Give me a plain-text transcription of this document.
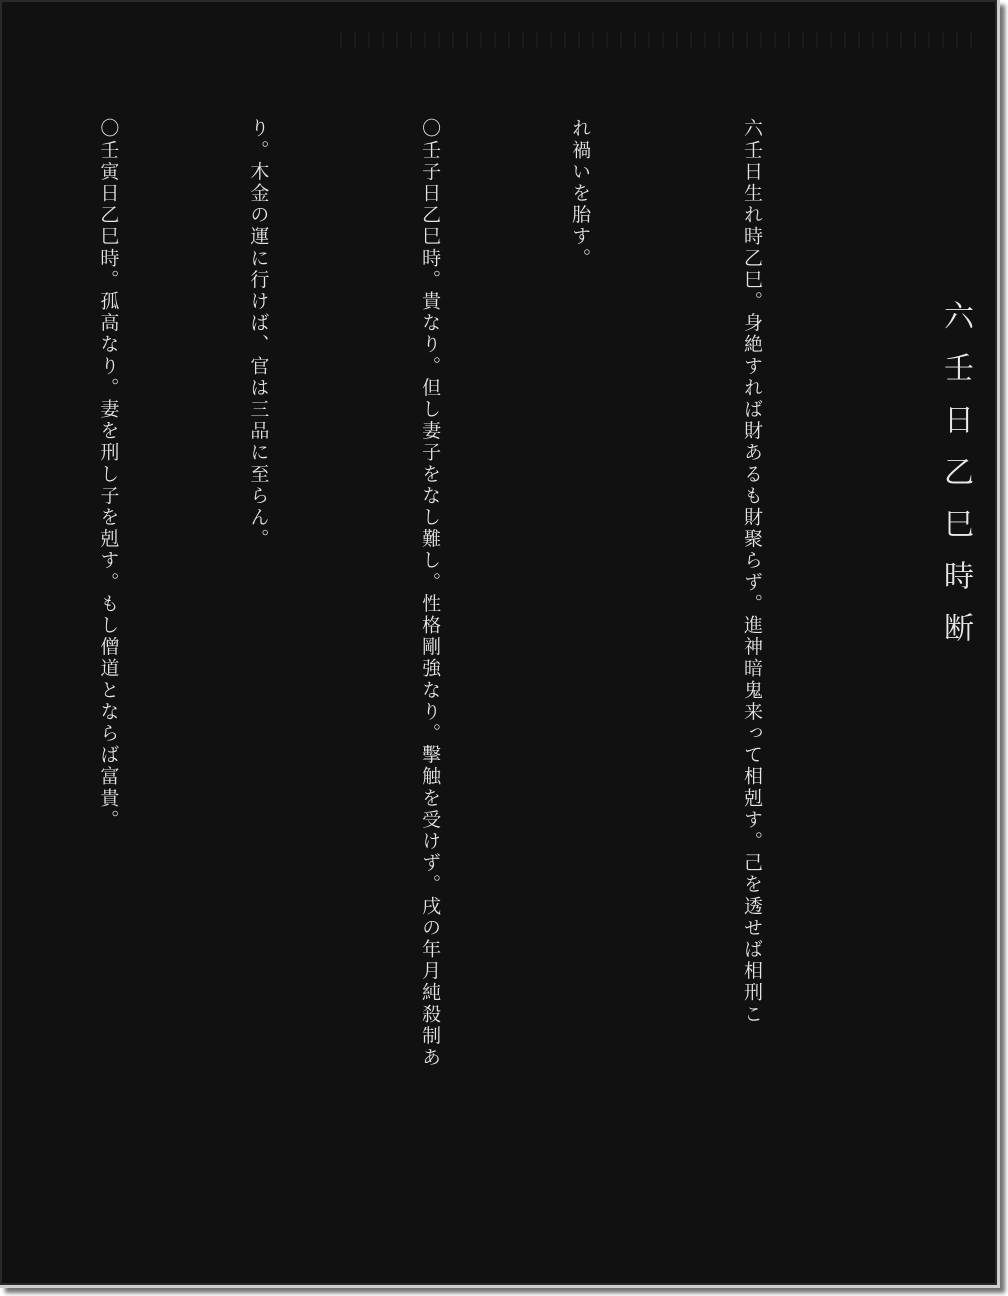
六壬日乙巳時断

六壬日生れ時乙巳。身絶すれば財あるも財聚らず。進神暗鬼来って相剋す。己を透せば相刑こ

れ禍いを胎す。

〇壬子日乙巳時。貴なり。但し妻子をなし難し。性格剛強なり。擊触を受けず。戌の年月純殺制あ

り。木金の運に行けば、官は三品に至らん。

〇壬寅日乙巳時。孤高なり。妻を刑し子を剋す。もし僧道とならば富貴。
